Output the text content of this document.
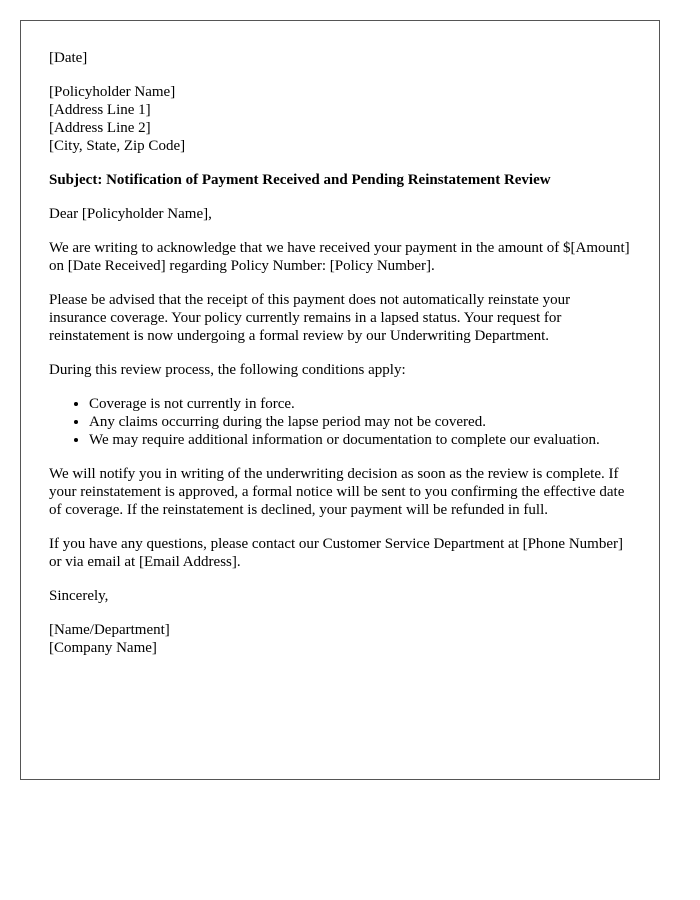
[Date]
[Policyholder Name]
[Address Line 1]
[Address Line 2]
[City, State, Zip Code]
Subject: Notification of Payment Received and Pending Reinstatement Review
Dear [Policyholder Name],
We are writing to acknowledge that we have received your payment in the amount of $[Amount] on [Date Received] regarding Policy Number: [Policy Number].
Please be advised that the receipt of this payment does not automatically reinstate your insurance coverage. Your policy currently remains in a lapsed status. Your request for reinstatement is now undergoing a formal review by our Underwriting Department.
During this review process, the following conditions apply:
• Coverage is not currently in force.
• Any claims occurring during the lapse period may not be covered.
• We may require additional information or documentation to complete our evaluation.
We will notify you in writing of the underwriting decision as soon as the review is complete. If your reinstatement is approved, a formal notice will be sent to you confirming the effective date of coverage. If the reinstatement is declined, your payment will be refunded in full.
If you have any questions, please contact our Customer Service Department at [Phone Number] or via email at [Email Address].
Sincerely,
[Name/Department]
[Company Name]
